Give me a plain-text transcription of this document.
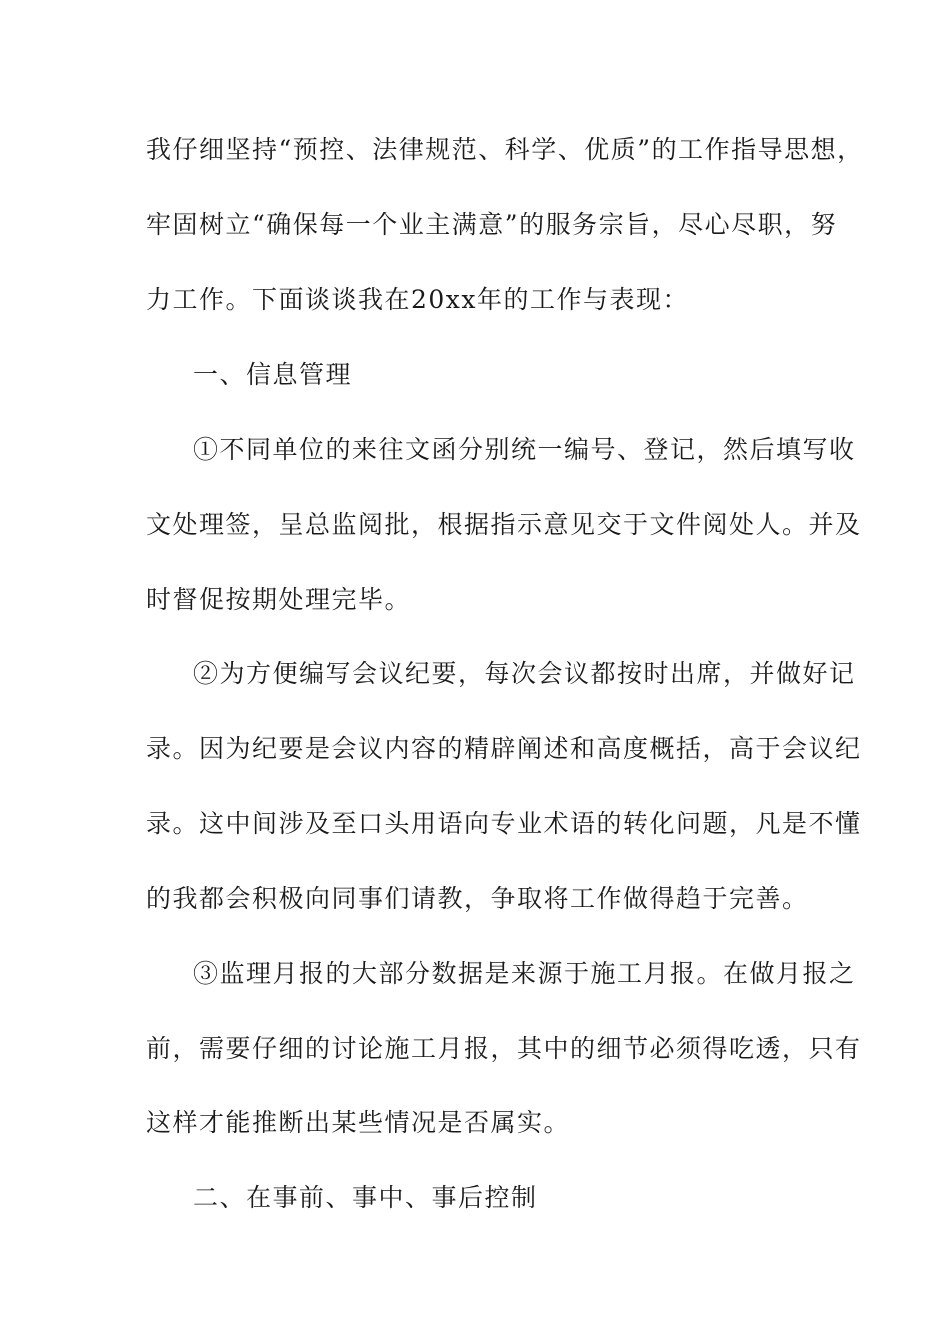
我仔细坚持“预控、法律规范、科学、优质”的工作指导思想，
牢固树立“确保每一个业主满意”的服务宗旨，尽心尽职，努
力工作。下面谈谈我在20xx年的工作与表现：
一、信息管理
①不同单位的来往文函分别统一编号、登记，然后填写收
文处理签，呈总监阅批，根据指示意见交于文件阅处人。并及
时督促按期处理完毕。
②为方便编写会议纪要，每次会议都按时出席，并做好记
录。因为纪要是会议内容的精辟阐述和高度概括，高于会议纪
录。这中间涉及至口头用语向专业术语的转化问题，凡是不懂
的我都会积极向同事们请教，争取将工作做得趋于完善。
③监理月报的大部分数据是来源于施工月报。在做月报之
前，需要仔细的讨论施工月报，其中的细节必须得吃透，只有
这样才能推断出某些情况是否属实。
二、在事前、事中、事后控制
